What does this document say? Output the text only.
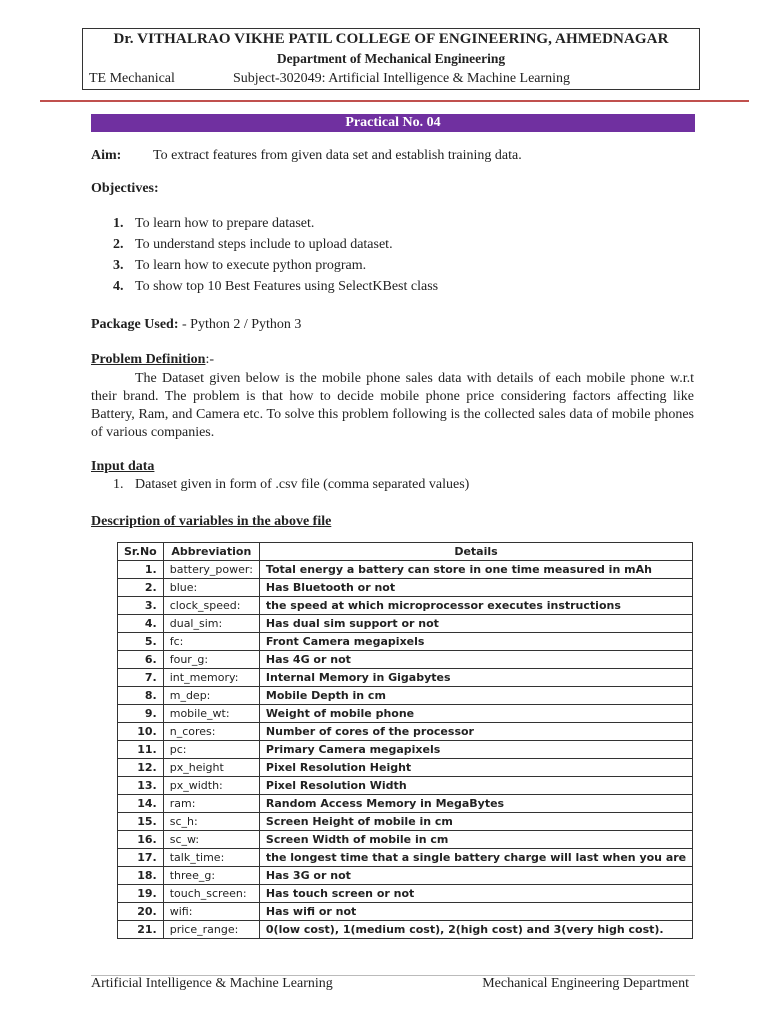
Dr. VITHALRAO VIKHE PATIL COLLEGE OF ENGINEERING, AHMEDNAGAR
Department of Mechanical Engineering
TE Mechanical	Subject-302049: Artificial Intelligence & Machine Learning
Practical No. 04
Aim: To extract features from given data set and establish training data.
Objectives:
1. To learn how to prepare dataset.
2. To understand steps include to upload dataset.
3. To learn how to execute python program.
4. To show top 10 Best Features using SelectKBest class
Package Used: - Python 2 / Python 3
Problem Definition:-

The Dataset given below is the mobile phone sales data with details of each mobile phone w.r.t their brand. The problem is that how to decide mobile phone price considering factors affecting like Battery, Ram, and Camera etc. To solve this problem following is the collected sales data of mobile phones of various companies.

Input data
1. Dataset given in form of .csv file (comma separated values)
Description of variables in the above file
Sr.No	Abbreviation	Details
1.	battery_power:	Total energy a battery can store in one time measured in mAh
2.	blue:	Has Bluetooth or not
3.	clock_speed:	the speed at which microprocessor executes instructions
4.	dual_sim:	Has dual sim support or not
5.	fc:	Front Camera megapixels
6.	four_g:	Has 4G or not
7.	int_memory:	Internal Memory in Gigabytes
8.	m_dep:	Mobile Depth in cm
9.	mobile_wt:	Weight of mobile phone
10.	n_cores:	Number of cores of the processor
11.	pc:	Primary Camera megapixels
12.	px_height	Pixel Resolution Height
13.	px_width:	Pixel Resolution Width
14.	ram:	Random Access Memory in MegaBytes
15.	sc_h:	Screen Height of mobile in cm
16.	sc_w:	Screen Width of mobile in cm
17.	talk_time:	the longest time that a single battery charge will last when you are
18.	three_g:	Has 3G or not
19.	touch_screen:	Has touch screen or not
20.	wifi:	Has wifi or not
21.	price_range:	0(low cost), 1(medium cost), 2(high cost) and 3(very high cost).
Artificial Intelligence & Machine Learning	Mechanical Engineering Department
